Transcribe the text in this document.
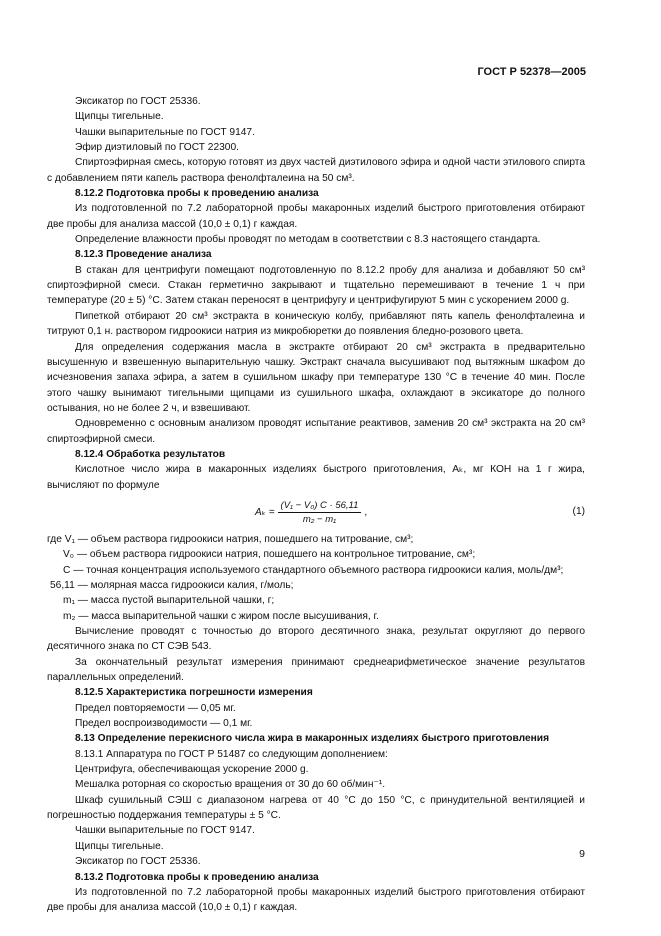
ГОСТ Р 52378—2005

Эксикатор по ГОСТ 25336.

Щипцы тигельные.

Чашки выпарительные по ГОСТ 9147.

Эфир диэтиловый по ГОСТ 22300.

Спиртоэфирная смесь, которую готовят из двух частей диэтилового эфира и одной части этилового спирта с добавлением пяти капель раствора фенолфталеина на 50 см³.

8.12.2 Подготовка пробы к проведению анализа

Из подготовленной по 7.2 лабораторной пробы макаронных изделий быстрого приготовления отбирают две пробы для анализа массой (10,0 ± 0,1) г каждая.

Определение влажности пробы проводят по методам в соответствии с 8.3 настоящего стандарта.

8.12.3 Проведение анализа

В стакан для центрифуги помещают подготовленную по 8.12.2 пробу для анализа и добавляют 50 см³ спиртоэфирной смеси. Стакан герметично закрывают и тщательно перемешивают в течение 1 ч при температуре (20 ± 5) °С. Затем стакан переносят в центрифугу и центрифугируют 5 мин с ускорением 2000 g.

Пипеткой отбирают 20 см³ экстракта в коническую колбу, прибавляют пять капель фенолфталеина и титруют 0,1 н. раствором гидроокиси натрия из микробюретки до появления бледно-розового цвета.

Для определения содержания масла в экстракте отбирают 20 см³ экстракта в предварительно высушенную и взвешенную выпарительную чашку. Экстракт сначала высушивают под вытяжным шкафом до исчезновения запаха эфира, а затем в сушильном шкафу при температуре 130 °С в течение 40 мин. После этого чашку вынимают тигельными щипцами из сушильного шкафа, охлаждают в эксикаторе до полного остывания, но не более 2 ч, и взвешивают.

Одновременно с основным анализом проводят испытание реактивов, заменив 20 см³ экстракта на 20 см³ спиртоэфирной смеси.

8.12.4 Обработка результатов

Кислотное число жира в макаронных изделиях быстрого приготовления, Aₖ, мг КОН на 1 г жира, вычисляют по формуле

$A_k = \frac{\text{(V₁ − V₀) C · 56,11}}{\text{m₂ − m₁}}$ ,	(1)

где V₁ — объем раствора гидроокиси натрия, пошедшего на титрование, см³;

V₀ — объем раствора гидроокиси натрия, пошедшего на контрольное титрование, см³;

С — точная концентрация используемого стандартного объемного раствора гидроокиси калия, моль/дм³;

56,11 — молярная масса гидроокиси калия, г/моль;

m₁ — масса пустой выпарительной чашки, г;

m₂ — масса выпарительной чашки с жиром после высушивания, г.

Вычисление проводят с точностью до второго десятичного знака, результат округляют до первого десятичного знака по СТ СЭВ 543.

За окончательный результат измерения принимают среднеарифметическое значение результатов параллельных определений.

8.12.5 Характеристика погрешности измерения

Предел повторяемости — 0,05 мг.

Предел воспроизводимости — 0,1 мг.

8.13 Определение перекисного числа жира в макаронных изделиях быстрого приготовления

8.13.1 Аппаратура по ГОСТ Р 51487 со следующим дополнением:

Центрифуга, обеспечивающая ускорение 2000 g.

Мешалка роторная со скоростью вращения от 30 до 60 об/мин⁻¹.

Шкаф сушильный СЭШ с диапазоном нагрева от 40 °С до 150 °С, с принудительной вентиляцией и погрешностью поддержания температуры ± 5 °С.

Чашки выпарительные по ГОСТ 9147.

Щипцы тигельные.

Эксикатор по ГОСТ 25336.

8.13.2 Подготовка пробы к проведению анализа

Из подготовленной по 7.2 лабораторной пробы макаронных изделий быстрого приготовления отбирают две пробы для анализа массой (10,0 ± 0,1) г каждая.

9
